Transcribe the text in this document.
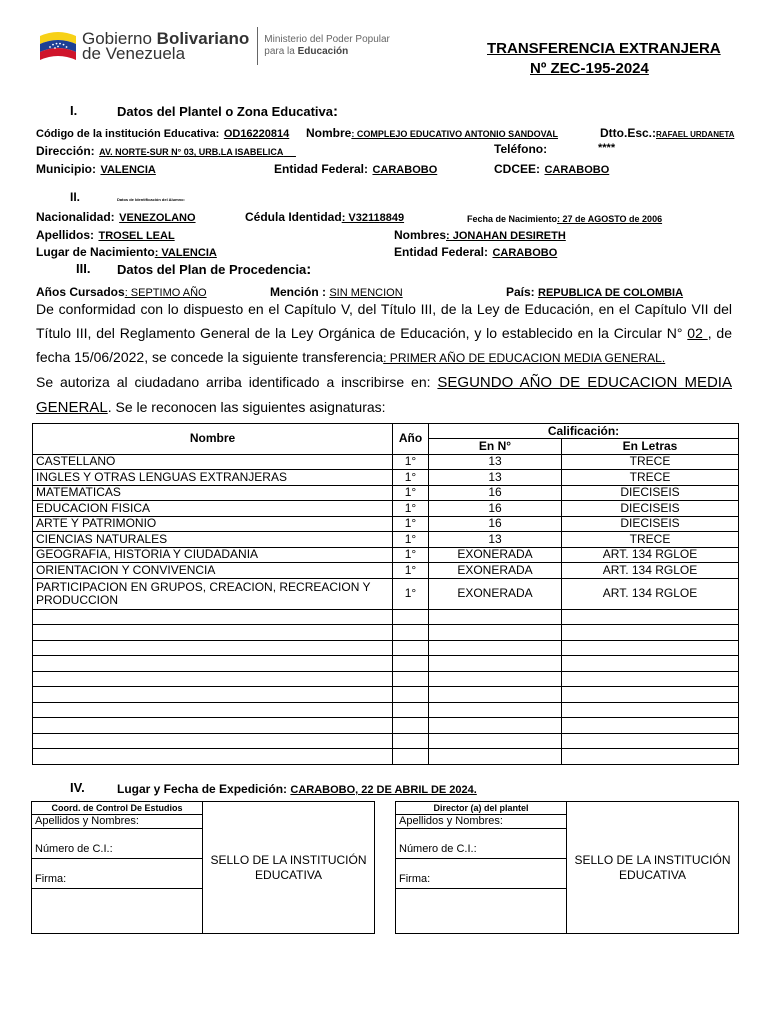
Gobierno Bolivariano
de Venezuela
Ministerio del Poder Popular
para la Educación	TRANSFERENCIA EXTRANJERA
Nº ZEC-195-2024
I.	Datos del Plantel o Zona Educativa:
Código de la institución Educativa: OD16220814 Nombre: COMPLEJO EDUCATIVO ANTONIO SANDOVAL	Dtto.Esc.:RAFAEL URDANETA
Dirección: AV. NORTE-SUR N° 03, URB.LA ISABELICA	Teléfono:	****
Municipio: VALENCIA	Entidad Federal: CARABOBO	CDCEE: CARABOBO
II.	Datos de Identificación del Alumno:
Nacionalidad: VENEZOLANO	Cédula Identidad: V32118849	Fecha de Nacimiento: 27 de AGOSTO de 2006
Apellidos: TROSEL LEAL	Nombres: JONAHAN DESIRETH
Lugar de Nacimiento: VALENCIA	Entidad Federal: CARABOBO
III. Datos del Plan de Procedencia:
Años Cursados: SEPTIMO AÑO	Mención : SIN MENCION	País: REPUBLICA DE COLOMBIA
De conformidad con lo dispuesto en el Capítulo V, del Título III, de la Ley de Educación, en el Capítulo VII del Título III, del Reglamento General de la Ley Orgánica de Educación, y lo establecido en la Circular N° 02 , de fecha 15/06/2022, se concede la siguiente transferencia: PRIMER AÑO DE EDUCACION MEDIA GENERAL.
Se autoriza al ciudadano arriba identificado a inscribirse en: SEGUNDO AÑO DE EDUCACION MEDIA GENERAL. Se le reconocen las siguientes asignaturas:
Nombre	Año	Calificación:	
		En N°	En Letras
CASTELLANO	1°	13	TRECE
INGLES Y OTRAS LENGUAS EXTRANJERAS	1°	13	TRECE
MATEMATICAS	1°	16	DIECISEIS
EDUCACION FISICA	1°	16	DIECISEIS
ARTE Y PATRIMONIO	1°	16	DIECISEIS
CIENCIAS NATURALES	1°	13	TRECE
GEOGRAFIA, HISTORIA Y CIUDADANIA	1°	EXONERADA	ART. 134 RGLOE
ORIENTACION Y CONVIVENCIA	1°	EXONERADA	ART. 134 RGLOE
PARTICIPACION EN GRUPOS, CREACION, RECREACION Y PRODUCCION	1°	EXONERADA	ART. 134 RGLOE

IV.	Lugar y Fecha de Expedición: CARABOBO, 22 DE ABRIL DE 2024.
Coord. de Control De Estudios	SELLO DE LA INSTITUCIÓN EDUCATIVA
Apellidos y Nombres:
Número de C.I.:
Firma:

Director (a) del plantel	SELLO DE LA INSTITUCIÓN EDUCATIVA
Apellidos y Nombres:
Número de C.I.:
Firma:
